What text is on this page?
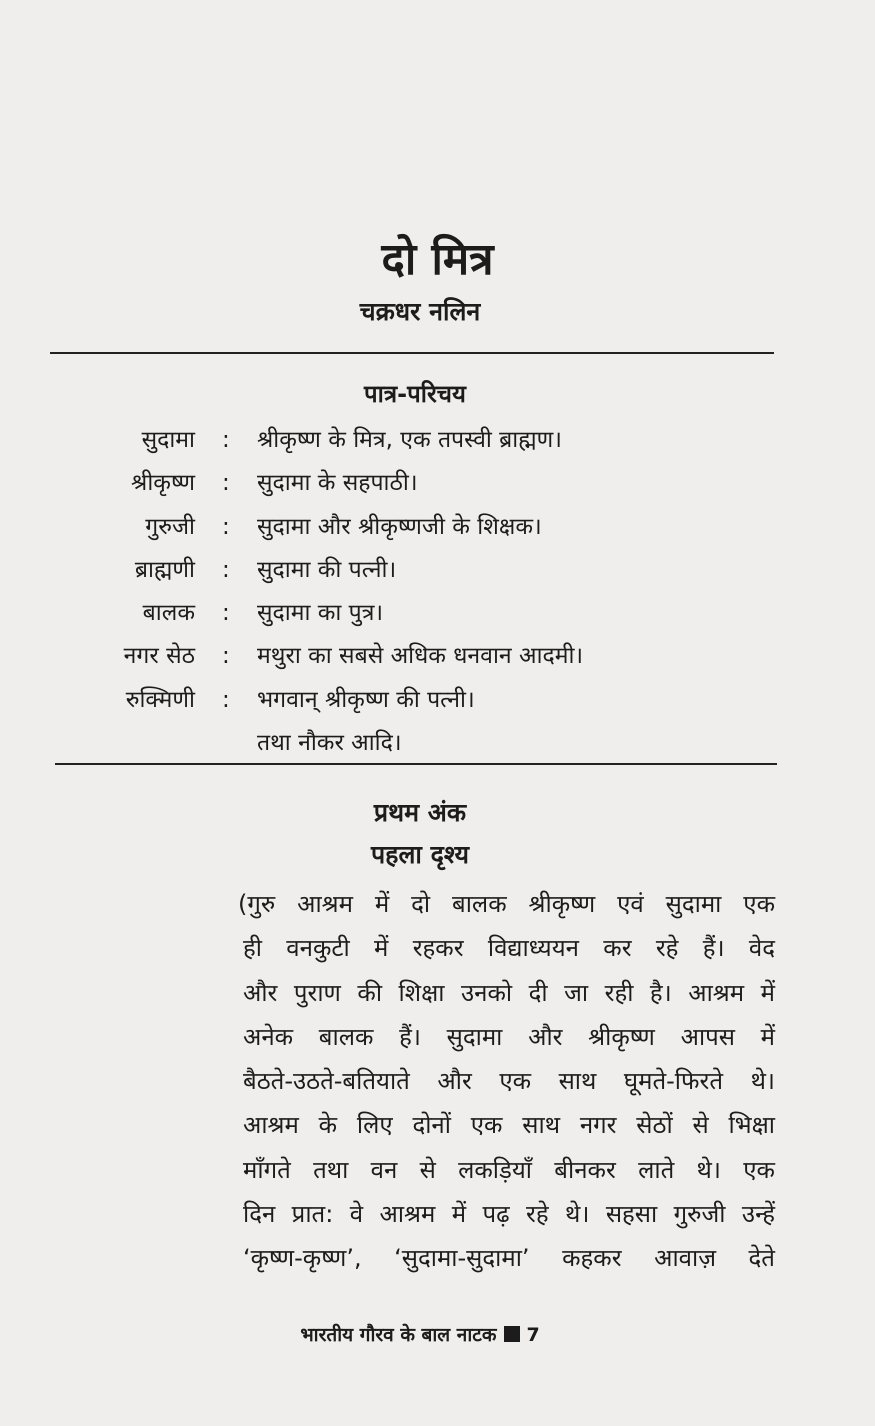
दो मित्र
चक्रधर नलिन
पात्र-परिचय
सुदामा : श्रीकृष्ण के मित्र, एक तपस्वी ब्राह्मण।
श्रीकृष्ण : सुदामा के सहपाठी।
गुरुजी : सुदामा और श्रीकृष्णजी के शिक्षक।
ब्राह्मणी : सुदामा की पत्नी।
बालक : सुदामा का पुत्र।
नगर सेठ : मथुरा का सबसे अधिक धनवान आदमी।
रुक्मिणी : भगवान् श्रीकृष्ण की पत्नी।
तथा नौकर आदि।
प्रथम अंक
पहला दृश्य
(गुरु आश्रम में दो बालक श्रीकृष्ण एवं सुदामा एक
ही वनकुटी में रहकर विद्याध्ययन कर रहे हैं। वेद
और पुराण की शिक्षा उनको दी जा रही है। आश्रम में
अनेक बालक हैं। सुदामा और श्रीकृष्ण आपस में
बैठते-उठते-बतियाते और एक साथ घूमते-फिरते थे।
आश्रम के लिए दोनों एक साथ नगर सेठों से भिक्षा
माँगते तथा वन से लकड़ियाँ बीनकर लाते थे। एक
दिन प्रात: वे आश्रम में पढ़ रहे थे। सहसा गुरुजी उन्हें
‘कृष्ण-कृष्ण’, ‘सुदामा-सुदामा’ कहकर आवाज़ देते
भारतीय गौरव के बाल नाटक 7
